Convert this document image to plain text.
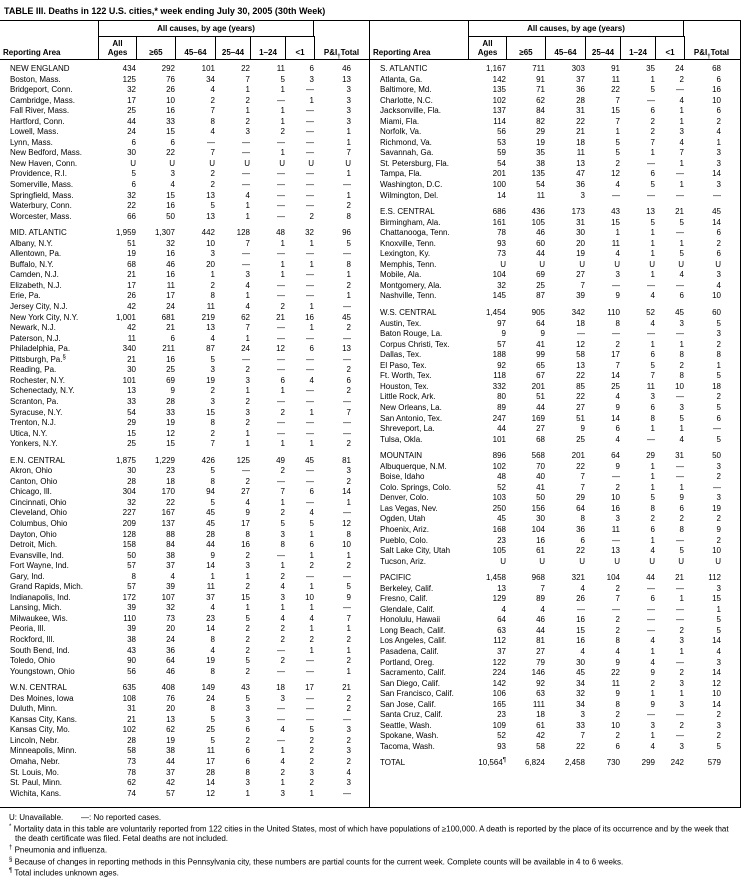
TABLE III. Deaths in 122 U.S. cities,* week ending July 30, 2005 (30th Week)
All causes, by age (years)
Reporting Area
All
Ages	≥65	45–64	25–44	1–24	<1	P&I † Total
NEW ENGLAND	434	292	101	22	11	6	46
Boston, Mass.	125	76	34	7	5	3	13
Bridgeport, Conn.	32	26	4	1	1	—	3
Cambridge, Mass.	17	10	2	2	—	1	3
Fall River, Mass.	25	16	7	1	1	—	3
Hartford, Conn.	44	33	8	2	1	—	3
Lowell, Mass.	24	15	4	3	2	—	1
Lynn, Mass.	6	6	—	—	—	—	1
New Bedford, Mass.	30	22	7	—	1	—	7
New Haven, Conn.	U	U	U	U	U	U	U
Providence, R.I.	5	3	2	—	—	—	1
Somerville, Mass.	6	4	2	—	—	—	—
Springfield, Mass.	32	15	13	4	—	—	1
Waterbury, Conn.	22	16	5	1	—	—	2
Worcester, Mass.	66	50	13	1	—	2	8
MID. ATLANTIC	1,959	1,307	442	128	48	32	96
Albany, N.Y.	51	32	10	7	1	1	5
Allentown, Pa.	19	16	3	—	—	—	—
Buffalo, N.Y.	68	46	20	—	1	1	8
Camden, N.J.	21	16	1	3	1	—	1
Elizabeth, N.J.	17	11	2	4	—	—	2
Erie, Pa.	26	17	8	1	—	—	1
Jersey City, N.J.	42	24	11	4	2	1	—
New York City, N.Y.	1,001	681	219	62	21	16	45
Newark, N.J.	42	21	13	7	—	1	2
Paterson, N.J.	11	6	4	1	—	—	—
Philadelphia, Pa.	340	211	87	24	12	6	13
Pittsburgh, Pa.§	21	16	5	—	—	—	—
Reading, Pa.	30	25	3	2	—	—	2
Rochester, N.Y.	101	69	19	3	6	4	6
Schenectady, N.Y.	13	9	2	1	1	—	2
Scranton, Pa.	33	28	3	2	—	—	—
Syracuse, N.Y.	54	33	15	3	2	1	7
Trenton, N.J.	29	19	8	2	—	—	—
Utica, N.Y.	15	12	2	1	—	—	—
Yonkers, N.Y.	25	15	7	1	1	1	2
E.N. CENTRAL	1,875	1,229	426	125	49	45	81
Akron, Ohio	30	23	5	—	2	—	3
Canton, Ohio	28	18	8	2	—	—	2
Chicago, Ill.	304	170	94	27	7	6	14
Cincinnati, Ohio	32	22	5	4	1	—	1
Cleveland, Ohio	227	167	45	9	2	4	—
Columbus, Ohio	209	137	45	17	5	5	12
Dayton, Ohio	128	88	28	8	3	1	8
Detroit, Mich.	158	84	44	16	8	6	10
Evansville, Ind.	50	38	9	2	—	1	1
Fort Wayne, Ind.	57	37	14	3	1	2	2
Gary, Ind.	8	4	1	1	2	—	—
Grand Rapids, Mich.	57	39	11	2	4	1	5
Indianapolis, Ind.	172	107	37	15	3	10	9
Lansing, Mich.	39	32	4	1	1	1	—
Milwaukee, Wis.	110	73	23	5	4	4	7
Peoria, Ill.	39	20	14	2	2	1	1
Rockford, Ill.	38	24	8	2	2	2	2
South Bend, Ind.	43	36	4	2	—	1	1
Toledo, Ohio	90	64	19	5	2	—	2
Youngstown, Ohio	56	46	8	2	—	—	1
W.N. CENTRAL	635	408	149	43	18	17	21
Des Moines, Iowa	108	76	24	5	3	—	2
Duluth, Minn.	31	20	8	3	—	—	2
Kansas City, Kans.	21	13	5	3	—	—	—
Kansas City, Mo.	102	62	25	6	4	5	3
Lincoln, Nebr.	28	19	5	2	—	2	2
Minneapolis, Minn.	58	38	11	6	1	2	3
Omaha, Nebr.	73	44	17	6	4	2	2
St. Louis, Mo.	78	37	28	8	2	3	4
St. Paul, Minn.	62	42	14	3	1	2	3
Wichita, Kans.	74	57	12	1	3	1	—
All causes, by age (years)
Reporting Area
All
Ages	≥65	45–64	25–44	1–24	<1	P&I † Total
S. ATLANTIC	1,167	711	303	91	35	24	68
Atlanta, Ga.	142	91	37	11	1	2	6
Baltimore, Md.	135	71	36	22	5	—	16
Charlotte, N.C.	102	62	28	7	—	4	10
Jacksonville, Fla.	137	84	31	15	6	1	6
Miami, Fla.	114	82	22	7	2	1	2
Norfolk, Va.	56	29	21	1	2	3	4
Richmond, Va.	53	19	18	5	7	4	1
Savannah, Ga.	59	35	11	5	1	7	3
St. Petersburg, Fla.	54	38	13	2	—	1	3
Tampa, Fla.	201	135	47	12	6	—	14
Washington, D.C.	100	54	36	4	5	1	3
Wilmington, Del.	14	11	3	—	—	—	—
E.S. CENTRAL	686	436	173	43	13	21	45
Birmingham, Ala.	161	105	31	15	5	5	14
Chattanooga, Tenn.	78	46	30	1	1	—	6
Knoxville, Tenn.	93	60	20	11	1	1	2
Lexington, Ky.	73	44	19	4	1	5	6
Memphis, Tenn.	U	U	U	U	U	U	U
Mobile, Ala.	104	69	27	3	1	4	3
Montgomery, Ala.	32	25	7	—	—	—	4
Nashville, Tenn.	145	87	39	9	4	6	10
W.S. CENTRAL	1,454	905	342	110	52	45	60
Austin, Tex.	97	64	18	8	4	3	5
Baton Rouge, La.	9	9	—	—	—	—	3
Corpus Christi, Tex.	57	41	12	2	1	1	2
Dallas, Tex.	188	99	58	17	6	8	8
El Paso, Tex.	92	65	13	7	5	2	1
Ft. Worth, Tex.	118	67	22	14	7	8	5
Houston, Tex.	332	201	85	25	11	10	18
Little Rock, Ark.	80	51	22	4	3	—	2
New Orleans, La.	89	44	27	9	6	3	5
San Antonio, Tex.	247	169	51	14	8	5	6
Shreveport, La.	44	27	9	6	1	1	—
Tulsa, Okla.	101	68	25	4	—	4	5
MOUNTAIN	896	568	201	64	29	31	50
Albuquerque, N.M.	102	70	22	9	1	—	3
Boise, Idaho	48	40	7	—	1	—	2
Colo. Springs, Colo.	52	41	7	2	1	1	—
Denver, Colo.	103	50	29	10	5	9	3
Las Vegas, Nev.	250	156	64	16	8	6	19
Ogden, Utah	45	30	8	3	2	2	2
Phoenix, Ariz.	168	104	36	11	6	8	9
Pueblo, Colo.	23	16	6	—	1	—	2
Salt Lake City, Utah	105	61	22	13	4	5	10
Tucson, Ariz.	U	U	U	U	U	U	U
PACIFIC	1,458	968	321	104	44	21	112
Berkeley, Calif.	13	7	4	2	—	—	3
Fresno, Calif.	129	89	26	7	6	1	15
Glendale, Calif.	4	4	—	—	—	—	1
Honolulu, Hawaii	64	46	16	2	—	—	5
Long Beach, Calif.	63	44	15	2	—	2	5
Los Angeles, Calif.	112	81	16	8	4	3	14
Pasadena, Calif.	37	27	4	4	1	1	4
Portland, Oreg.	122	79	30	9	4	—	3
Sacramento, Calif.	224	146	45	22	9	2	14
San Diego, Calif.	142	92	34	11	2	3	12
San Francisco, Calif.	106	63	32	9	1	1	10
San Jose, Calif.	165	111	34	8	9	3	14
Santa Cruz, Calif.	23	18	3	2	—	—	2
Seattle, Wash.	109	61	33	10	3	2	3
Spokane, Wash.	52	42	7	2	1	—	2
Tacoma, Wash.	93	58	22	6	4	3	5
TOTAL	10,564¶	6,824	2,458	730	299	242	579
U: Unavailable.        —: No reported cases.
* Mortality data in this table are voluntarily reported from 122 cities in the United States, most of which have populations of ≥100,000. A death is reported by the place of its occurrence and by the week that the death certificate was filed. Fetal deaths are not included.
† Pneumonia and influenza.
§ Because of changes in reporting methods in this Pennsylvania city, these numbers are partial counts for the current week. Complete counts will be available in 4 to 6 weeks.
¶ Total includes unknown ages.
